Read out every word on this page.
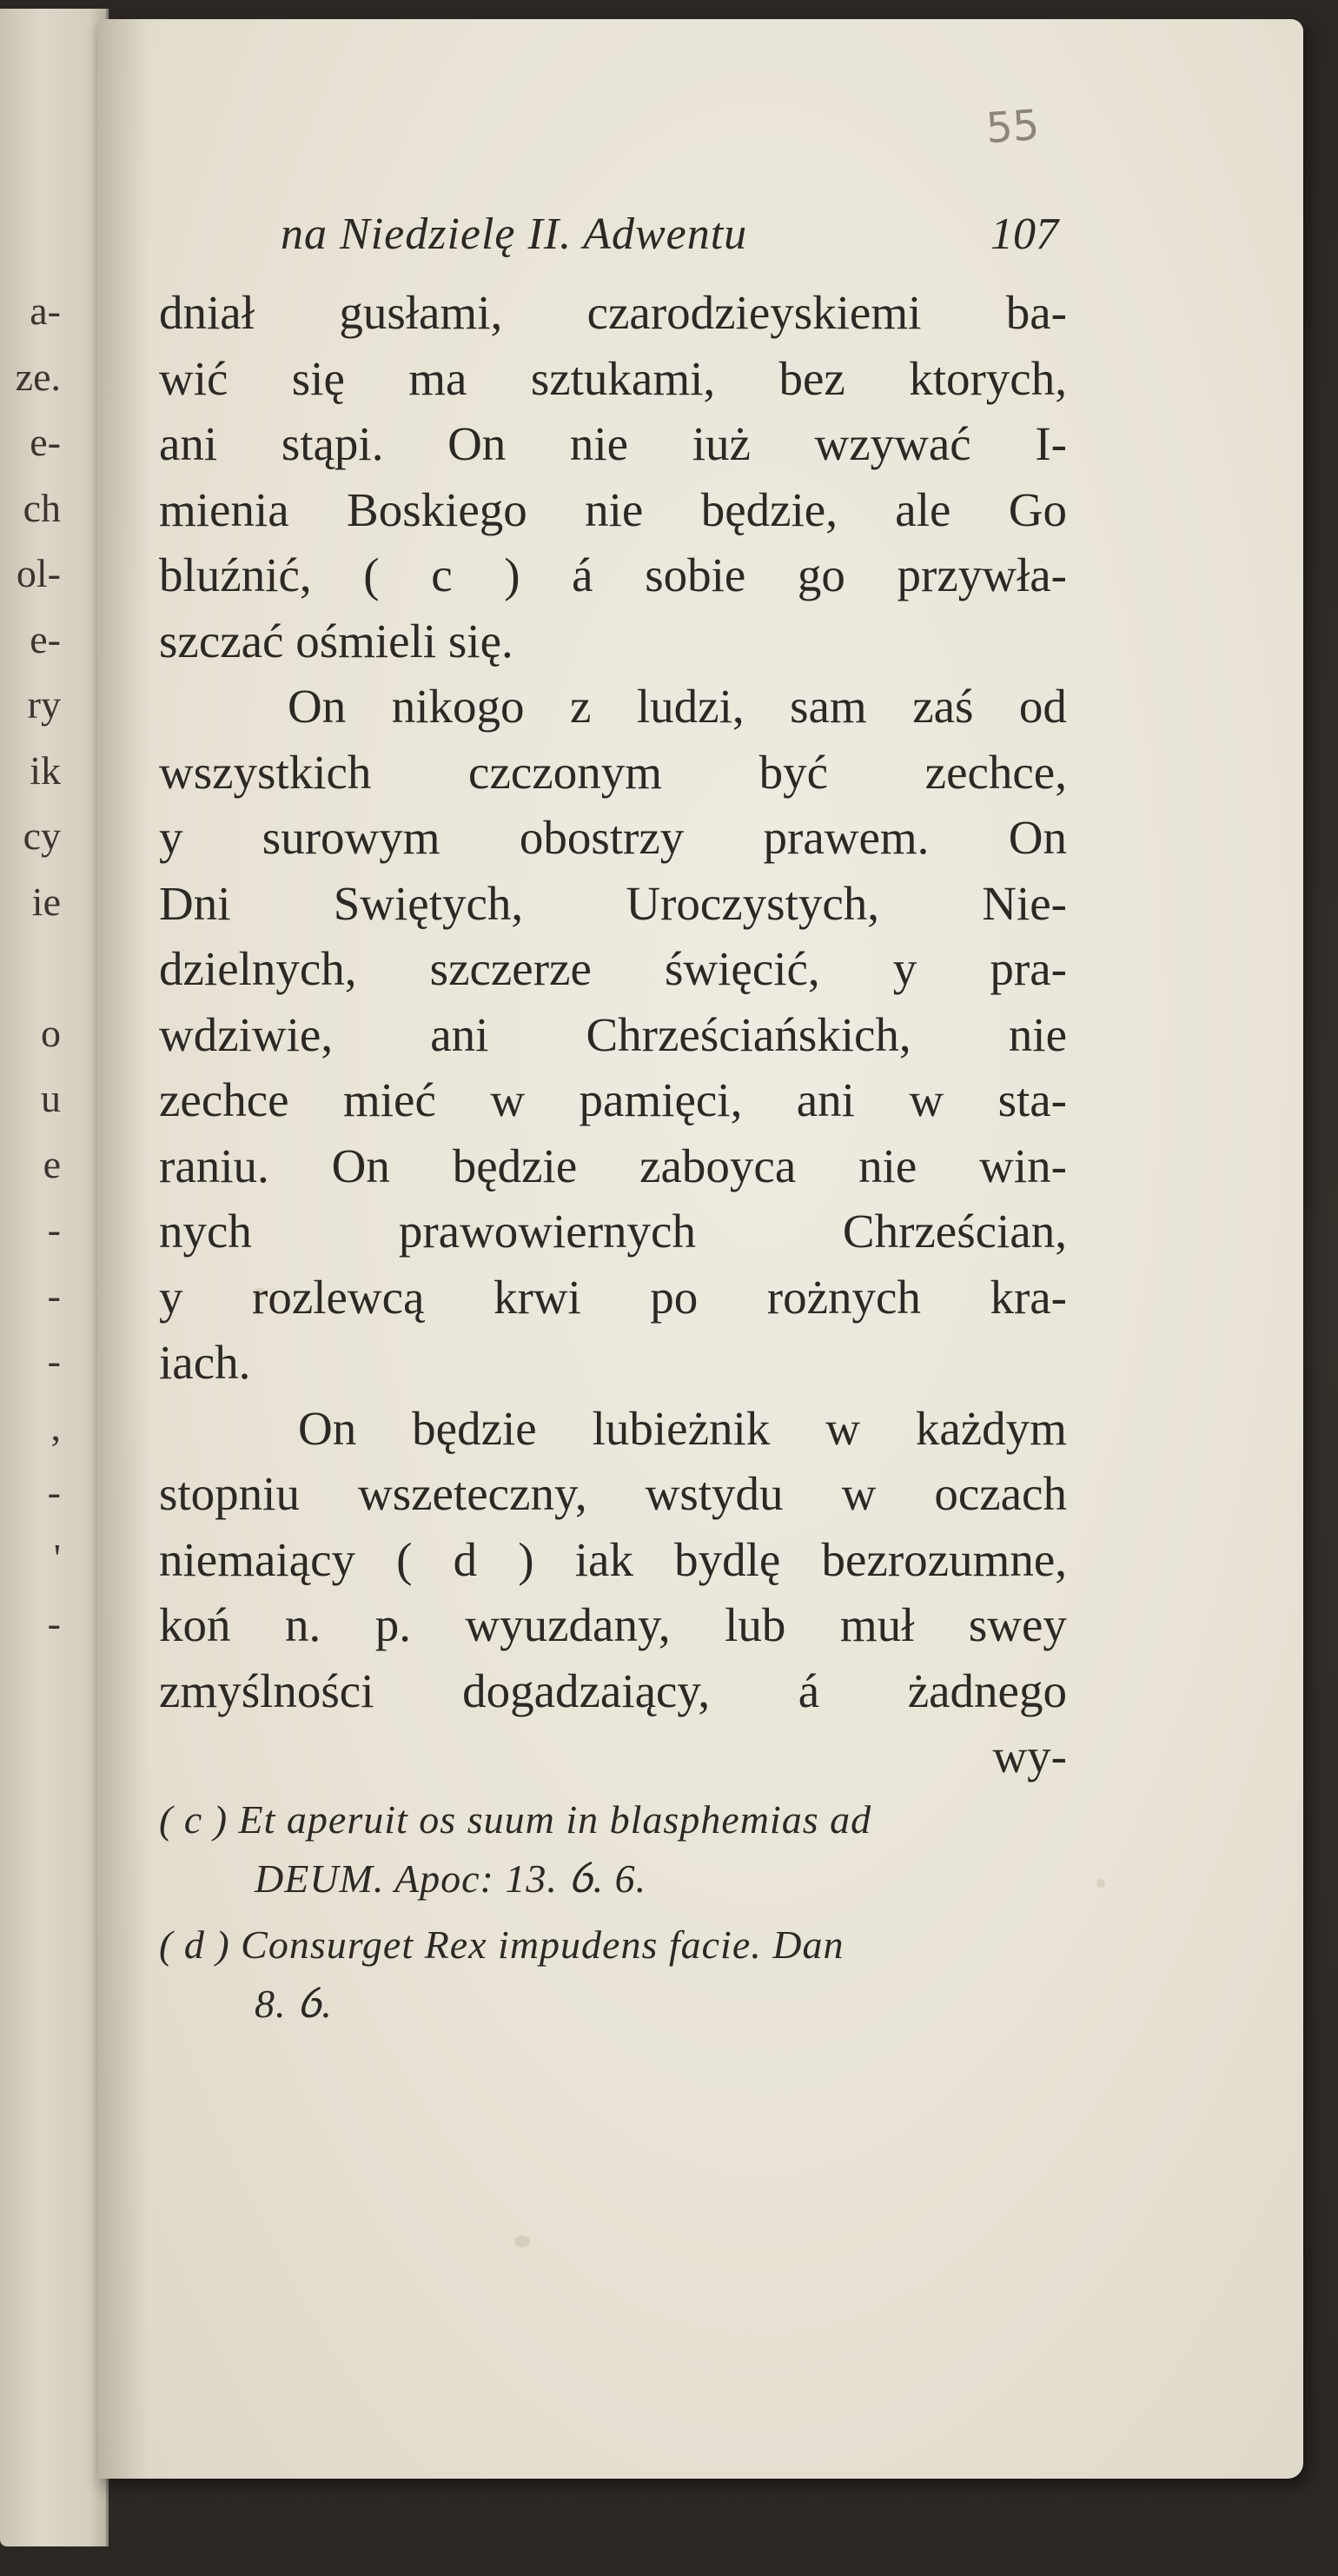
a-
ze.
e-
ch
ol-
e-
ry
ik
cy
ie
o
u
e
-
-
-
,
-
'
-
55
na Niedzielę II. Adwentu	107
dniał gusłami, czarodzieyskiemi ba-
wić się ma sztukami, bez ktorych,
ani stąpi. On nie iuż wzywać I-
mienia Boskiego nie będzie, ale Go
bluźnić, ( c ) á sobie go przywła-
szczać ośmieli się.
On nikogo z ludzi, sam zaś od
wszystkich czczonym być zechce,
y surowym obostrzy prawem. On
Dni Swiętych, Uroczystych, Nie-
dzielnych, szczerze święcić, y pra-
wdziwie, ani Chrześciańskich, nie
zechce mieć w pamięci, ani w sta-
raniu. On będzie zaboyca nie win-
nych	prawowiernych	Chrześcian,
y rozlewcą krwi po rożnych kra-
iach.
On będzie lubieżnik w każdym
stopniu wszeteczny, wstydu w oczach
niemaiący ( d ) iak bydlę bezrozumne,
koń n. p. wyuzdany, lub muł swey
zmyślności dogadzaiący, á żadnego
wy-
( c ) Et aperuit os suum in blasphemias ad
DEUM. Apoc: 13. ỽ. 6.
( d ) Consurget Rex impudens facie. Dan
8. ỽ.
